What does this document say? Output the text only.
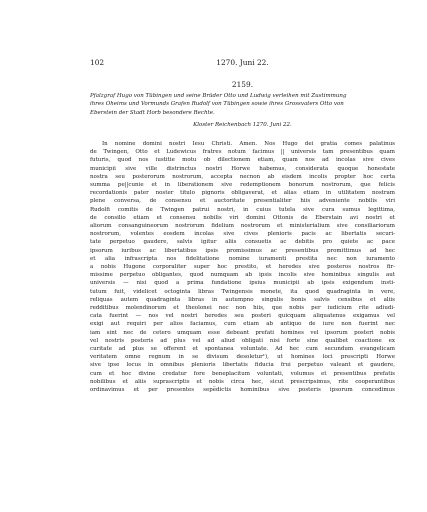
102	1270. Juni 22.
2159.
Pfalzgraf Hugo von Tübingen und seine Brüder Otto und Ludwig verleihen mit Zustimmung
ihres Oheims und Vormunds Grafen Rudolf von Tübingen sowie ihres Grossvaters Otto von
Eberstein der Stadt Horb besondere Rechte.
Kloster Reichenbach 1270. Juni 22.
In nomine domini nostri Iesu Christi. Amen. Nos Hugo dei gratia comes palatinus
de Twingen, Otto et Ludewicus fratres notum facimus || universis tam presentibus quam
futuris, quod nos iustitie motu ob dilectionem etiam, quam nos ad incolas sive cives
municipii sive ville distrinctus nostri Horwe habemus, considerata quoque honestate
nostra seu posterorum nostrorum, accepta necnon ab eisdem incolis propter hoc certa
summa pe||cunie et in liberationem sive redemptionem bonorum nostrorum, que felicis
recordationis pater noster titulo pignoris obligaverat, et alias etiam in utilitatem nostram
plene conversa, de consensu et auctoritate presentialiter hiis adveniente nobilis viri
Rudolfi comitis de Twingen patrui nostri, in cuius tutela sive cura sumus legittima,
de consilio etiam et consensu nobilis viri domini Ottonis de Eberstain avi nostri et
aliorum consanguineorum nostrorum fidelium nostrorum et ministerialium sive consiliariorum
nostrorum, volentes eosdem incolas sive cives plenioris pacis ac libertatis securi-
tate perpetuo gaudere, salvis igitur aliis consuetis ac debitis pro quiete ac pace
ipsorum iuribus ac libertatibus ipsis promissimus ac presentibus promittimus ad hec
et alia infrascripta nos fidelitatione nomine iuramenti prestita nec non iuramento
a nobis Hugone corporaliter super hoc prestito, et heredes sive posteros nostros fir-
missime perpetuo obligantes, quod numquam ab ipsis incolis sive hominibus singulis aut
universis — nisi quod a prima fundatione ipsius municipii ab ipsis exigendum insti-
tutum fuit, videlicet octoginta libras Twingensis monete, ita quod quadraginta in vere,
reliquas autem quadraginta libras in autumpno singulis bonis salvis censibus et aliis
redditibus molendinorum et theolonei nec non hiis, que nobis per iudicium rite adiudi-
cata fuerint — nos vel nostri heredes seu posteri quicquam aliquatenus exigamus vel
exigi aut requiri per alios faciamus, cum etiam ab antiquo de iure non fuerint nec
iam sint nec de cetero umquam esse debeant prefati homines vel ipsorum posteri nobis
vel nostris posteris ad plus vel ad aliud obligati nisi forte sine qualibet coactione ex
curitate ad plus se offerent et spontanea voluntate. Ad hec cum secundum evangelicam
veritatem omne regnum in se divisum desoletur¹), ut homines loci prescripti Horwe
sive ipse locus in omnibus plenioris libertatis fiducia frui perpetuo valeant et gaudere,
cum et hoc divine credatur fore beneplacitum voluntati, volumus et presentibus prefatis
nobilibus et aliis suprascriptis et nobis circa hec, sicut prescripsimus, rite cooperantibus
ordinavimus et per presentes sepe̅dictis hominibus sive posteris ipsorum concedimus
